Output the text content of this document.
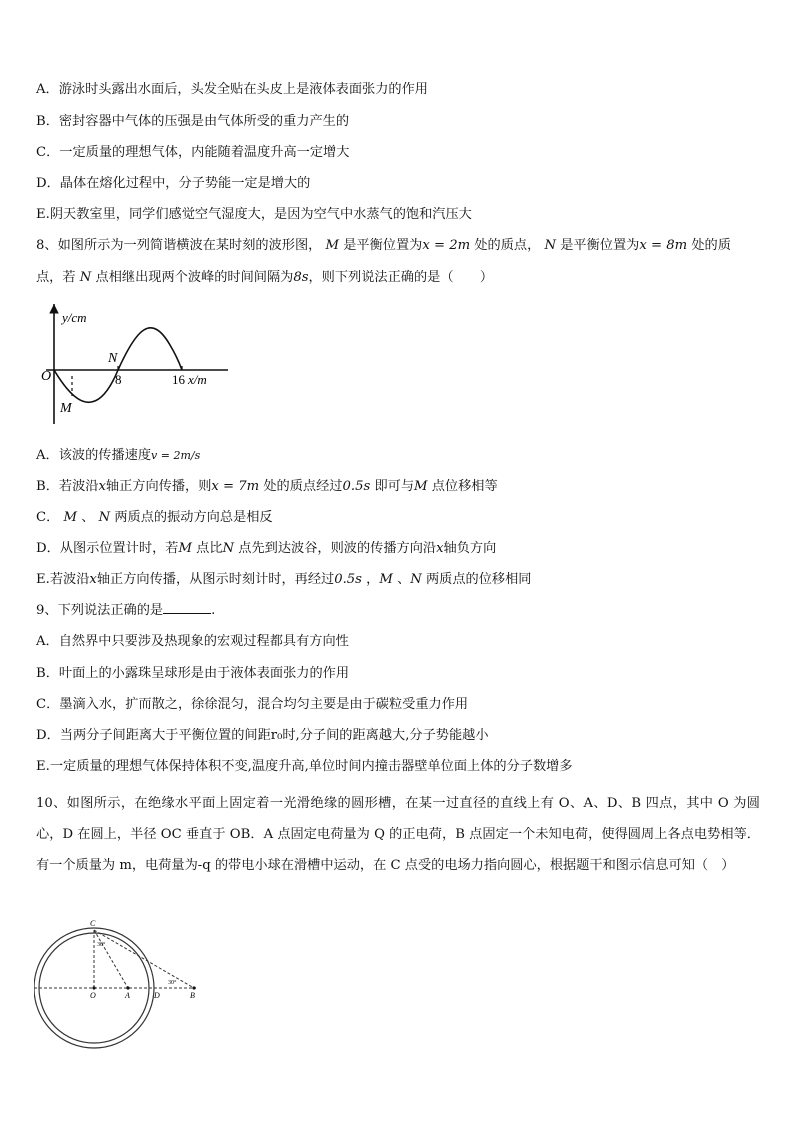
A．游泳时头露出水面后，头发全贴在头皮上是液体表面张力的作用
B．密封容器中气体的压强是由气体所受的重力产生的
C．一定质量的理想气体，内能随着温度升高一定增大
D．晶体在熔化过程中，分子势能一定是增大的
E.阴天教室里，同学们感觉空气湿度大，是因为空气中水蒸气的饱和汽压大
8、如图所示为一列简谐横波在某时刻的波形图， M 是平衡位置为x = 2m 处的质点， N 是平衡位置为x = 8m 处的质
点，若 N 点相继出现两个波峰的时间间隔为8s，则下列说法正确的是（　　）
y/cm
O	8	16 x/m
N
M
A．该波的传播速度v = 2m/s
B．若波沿x轴正方向传播，则x = 7m 处的质点经过0.5s 即可与M 点位移相等
C． M 、 N 两质点的振动方向总是相反
D．从图示位置计时，若M 点比N 点先到达波谷，则波的传播方向沿x轴负方向
E.若波沿x轴正方向传播，从图示时刻计时，再经过0.5s ，M 、N 两质点的位移相同
9、下列说法正确的是	.
A．自然界中只要涉及热现象的宏观过程都具有方向性
B．叶面上的小露珠呈球形是由于液体表面张力的作用
C．墨滴入水，扩而散之，徐徐混匀，混合均匀主要是由于碳粒受重力作用
D．当两分子间距离大于平衡位置的间距r₀时,分子间的距离越大,分子势能越小
E.一定质量的理想气体保持体积不变,温度升高,单位时间内撞击器壁单位面上体的分子数增多
10、如图所示，在绝缘水平面上固定着一光滑绝缘的圆形槽，在某一过直径的直线上有 O、A、D、B 四点，其中 O 为圆心，D 在圆上，半径 OC 垂直于 OB．A 点固定电荷量为 Q 的正电荷，B 点固定一个未知电荷，使得圆周上各点电势相等．有一个质量为 m，电荷量为-q 的带电小球在滑槽中运动，在 C 点受的电场力指向圆心，根据题干和图示信息可知（　）
C
30°
O	A	D
30°
B
